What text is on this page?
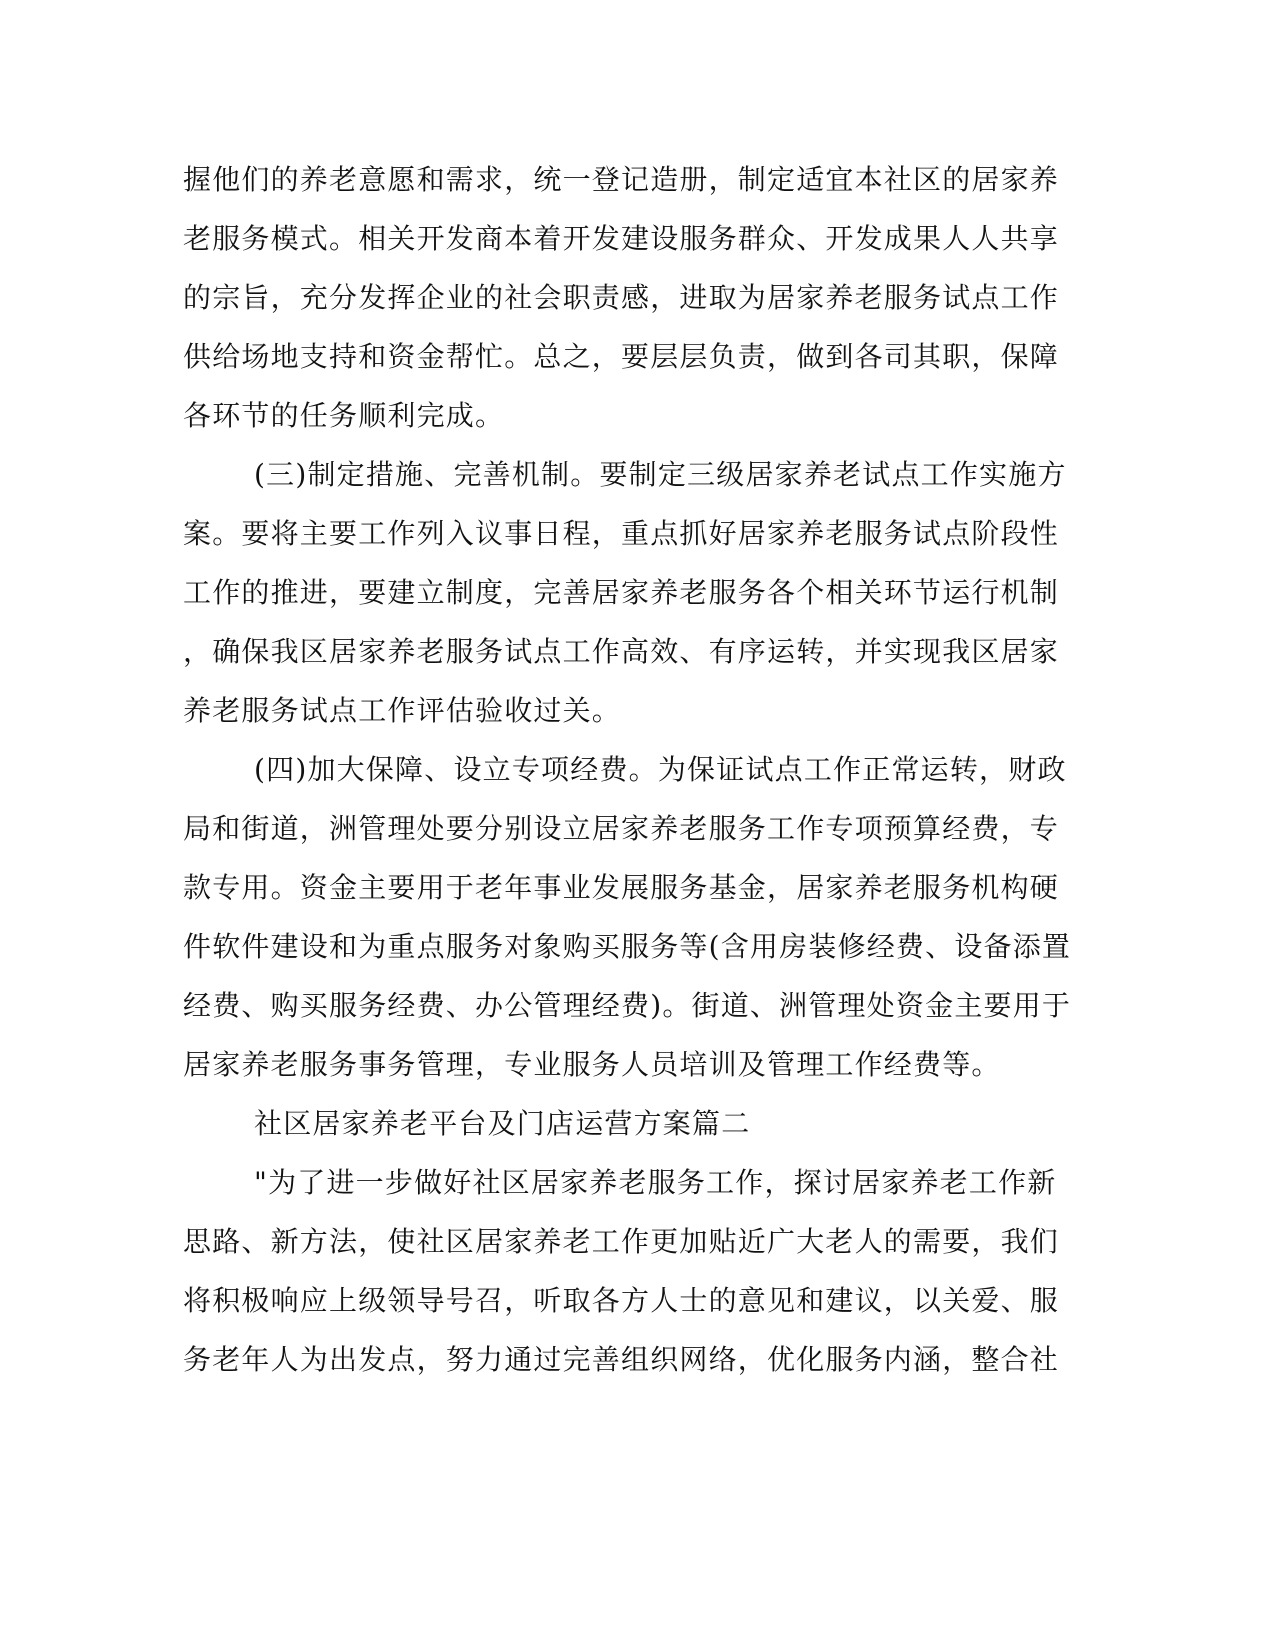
握他们的养老意愿和需求，统一登记造册，制定适宜本社区的居家养
老服务模式。相关开发商本着开发建设服务群众、开发成果人人共享
的宗旨，充分发挥企业的社会职责感，进取为居家养老服务试点工作
供给场地支持和资金帮忙。总之，要层层负责，做到各司其职，保障
各环节的任务顺利完成。
(三)制定措施、完善机制。要制定三级居家养老试点工作实施方
案。要将主要工作列入议事日程，重点抓好居家养老服务试点阶段性
工作的推进，要建立制度，完善居家养老服务各个相关环节运行机制
，确保我区居家养老服务试点工作高效、有序运转，并实现我区居家
养老服务试点工作评估验收过关。
(四)加大保障、设立专项经费。为保证试点工作正常运转，财政
局和街道，洲管理处要分别设立居家养老服务工作专项预算经费，专
款专用。资金主要用于老年事业发展服务基金，居家养老服务机构硬
件软件建设和为重点服务对象购买服务等(含用房装修经费、设备添置
经费、购买服务经费、办公管理经费)。街道、洲管理处资金主要用于
居家养老服务事务管理，专业服务人员培训及管理工作经费等。
社区居家养老平台及门店运营方案篇二
"为了进一步做好社区居家养老服务工作，探讨居家养老工作新
思路、新方法，使社区居家养老工作更加贴近广大老人的需要，我们
将积极响应上级领导号召，听取各方人士的意见和建议，以关爱、服
务老年人为出发点，努力通过完善组织网络，优化服务内涵，整合社
